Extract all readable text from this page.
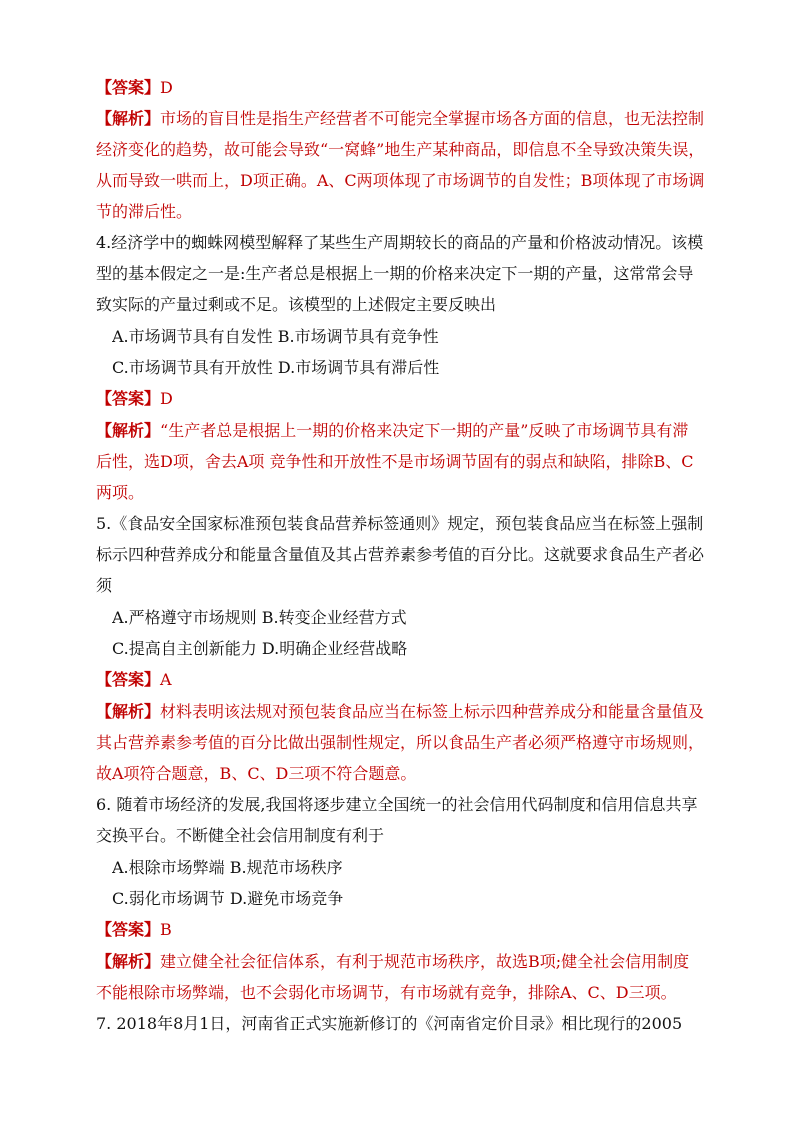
【答案】D
【解析】市场的盲目性是指生产经营者不可能完全掌握市场各方面的信息，也无法控制
经济变化的趋势，故可能会导致“一窝蜂”地生产某种商品，即信息不全导致决策失误，
从而导致一哄而上，D项正确。A、C两项体现了市场调节的自发性；B项体现了市场调
节的滞后性。
4.经济学中的蜘蛛网模型解释了某些生产周期较长的商品的产量和价格波动情况。该模
型的基本假定之一是:生产者总是根据上一期的价格来决定下一期的产量，这常常会导
致实际的产量过剩或不足。该模型的上述假定主要反映出
A.市场调节具有自发性 B.市场调节具有竞争性
C.市场调节具有开放性 D.市场调节具有滞后性
【答案】D
【解析】“生产者总是根据上一期的价格来决定下一期的产量”反映了市场调节具有滞
后性，选D项，舍去A项 竞争性和开放性不是市场调节固有的弱点和缺陷，排除B、C
两项。
5.《食品安全国家标准预包装食品营养标签通则》规定，预包装食品应当在标签上强制
标示四种营养成分和能量含量值及其占营养素参考值的百分比。这就要求食品生产者必
须
A.严格遵守市场规则 B.转变企业经营方式
C.提高自主创新能力 D.明确企业经营战略
【答案】A
【解析】材料表明该法规对预包装食品应当在标签上标示四种营养成分和能量含量值及
其占营养素参考值的百分比做出强制性规定，所以食品生产者必须严格遵守市场规则，
故A项符合题意，B、C、D三项不符合题意。
6. 随着市场经济的发展,我国将逐步建立全国统一的社会信用代码制度和信用信息共享
交换平台。不断健全社会信用制度有利于
A.根除市场弊端 B.规范市场秩序
C.弱化市场调节 D.避免市场竞争
【答案】B
【解析】建立健全社会征信体系，有利于规范市场秩序，故选B项;健全社会信用制度
不能根除市场弊端，也不会弱化市场调节，有市场就有竞争，排除A、C、D三项。
7. 2018年8月1日，河南省正式实施新修订的《河南省定价目录》相比现行的2005
